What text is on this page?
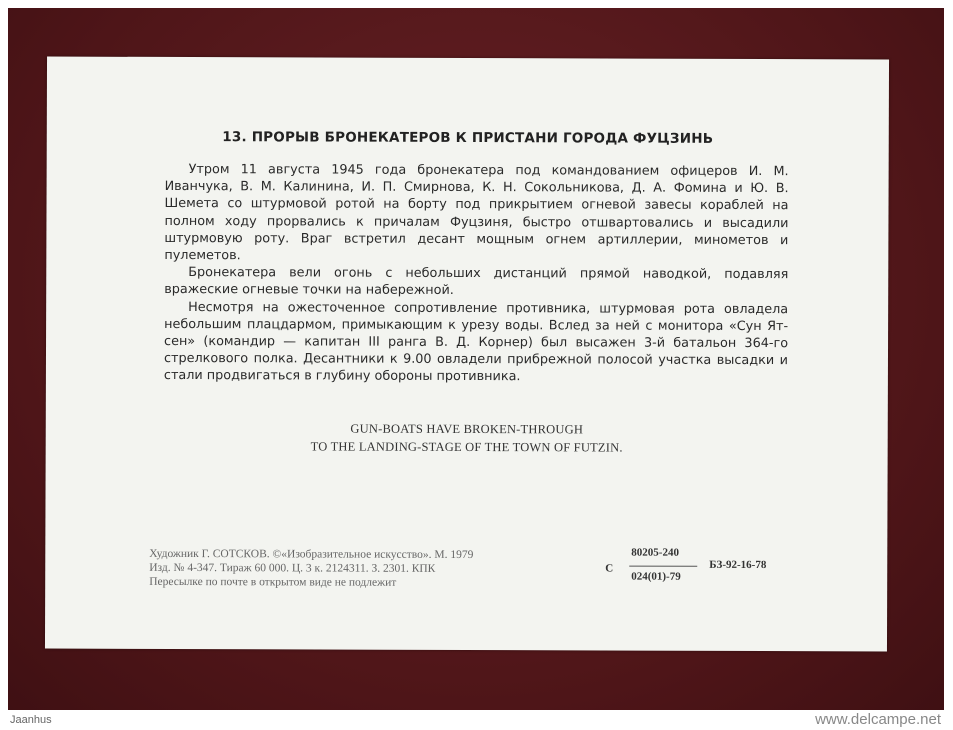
13. ПРОРЫВ БРОНЕКАТЕРОВ К ПРИСТАНИ ГОРОДА ФУЦЗИНЬ

Утром 11 августа 1945 года бронекатера под командованием офицеров И. М. Иванчука, В. М. Калинина, И. П. Смирнова, К. Н. Сокольникова, Д. А. Фомина и Ю. В. Шемета со штурмовой ротой на борту под прикрытием огневой завесы кораблей на полном ходу прорвались к причалам Фуцзиня, быстро отшвартовались и высадили штурмовую роту. Враг встретил десант мощным огнем артиллерии, минометов и пулеметов.

Бронекатера вели огонь с небольших дистанций прямой наводкой, подавляя вражеские огневые точки на набережной.

Несмотря на ожесточенное сопротивление противника, штурмовая рота овладела небольшим плацдармом, примыкающим к урезу воды. Вслед за ней с монитора «Сун Ят-сен» (командир — капитан III ранга В. Д. Корнер) был высажен 3-й батальон 364-го стрелкового полка. Десантники к 9.00 овладели прибрежной полосой участка высадки и стали продвигаться в глубину обороны противника.

GUN-BOATS HAVE BROKEN-THROUGH
TO THE LANDING-STAGE OF THE TOWN OF FUTZIN.
Художник Г. СОТСКОВ. ©«Изобразительное искусство». М. 1979
Изд. № 4-347. Тираж 60 000. Ц. 3 к. 2124311. З. 2301. КПК
Пересылке по почте в открытом виде не подлежит
С
80205-240
024(01)-79
БЗ-92-16-78
Jaanhus	www.delcampe.net
